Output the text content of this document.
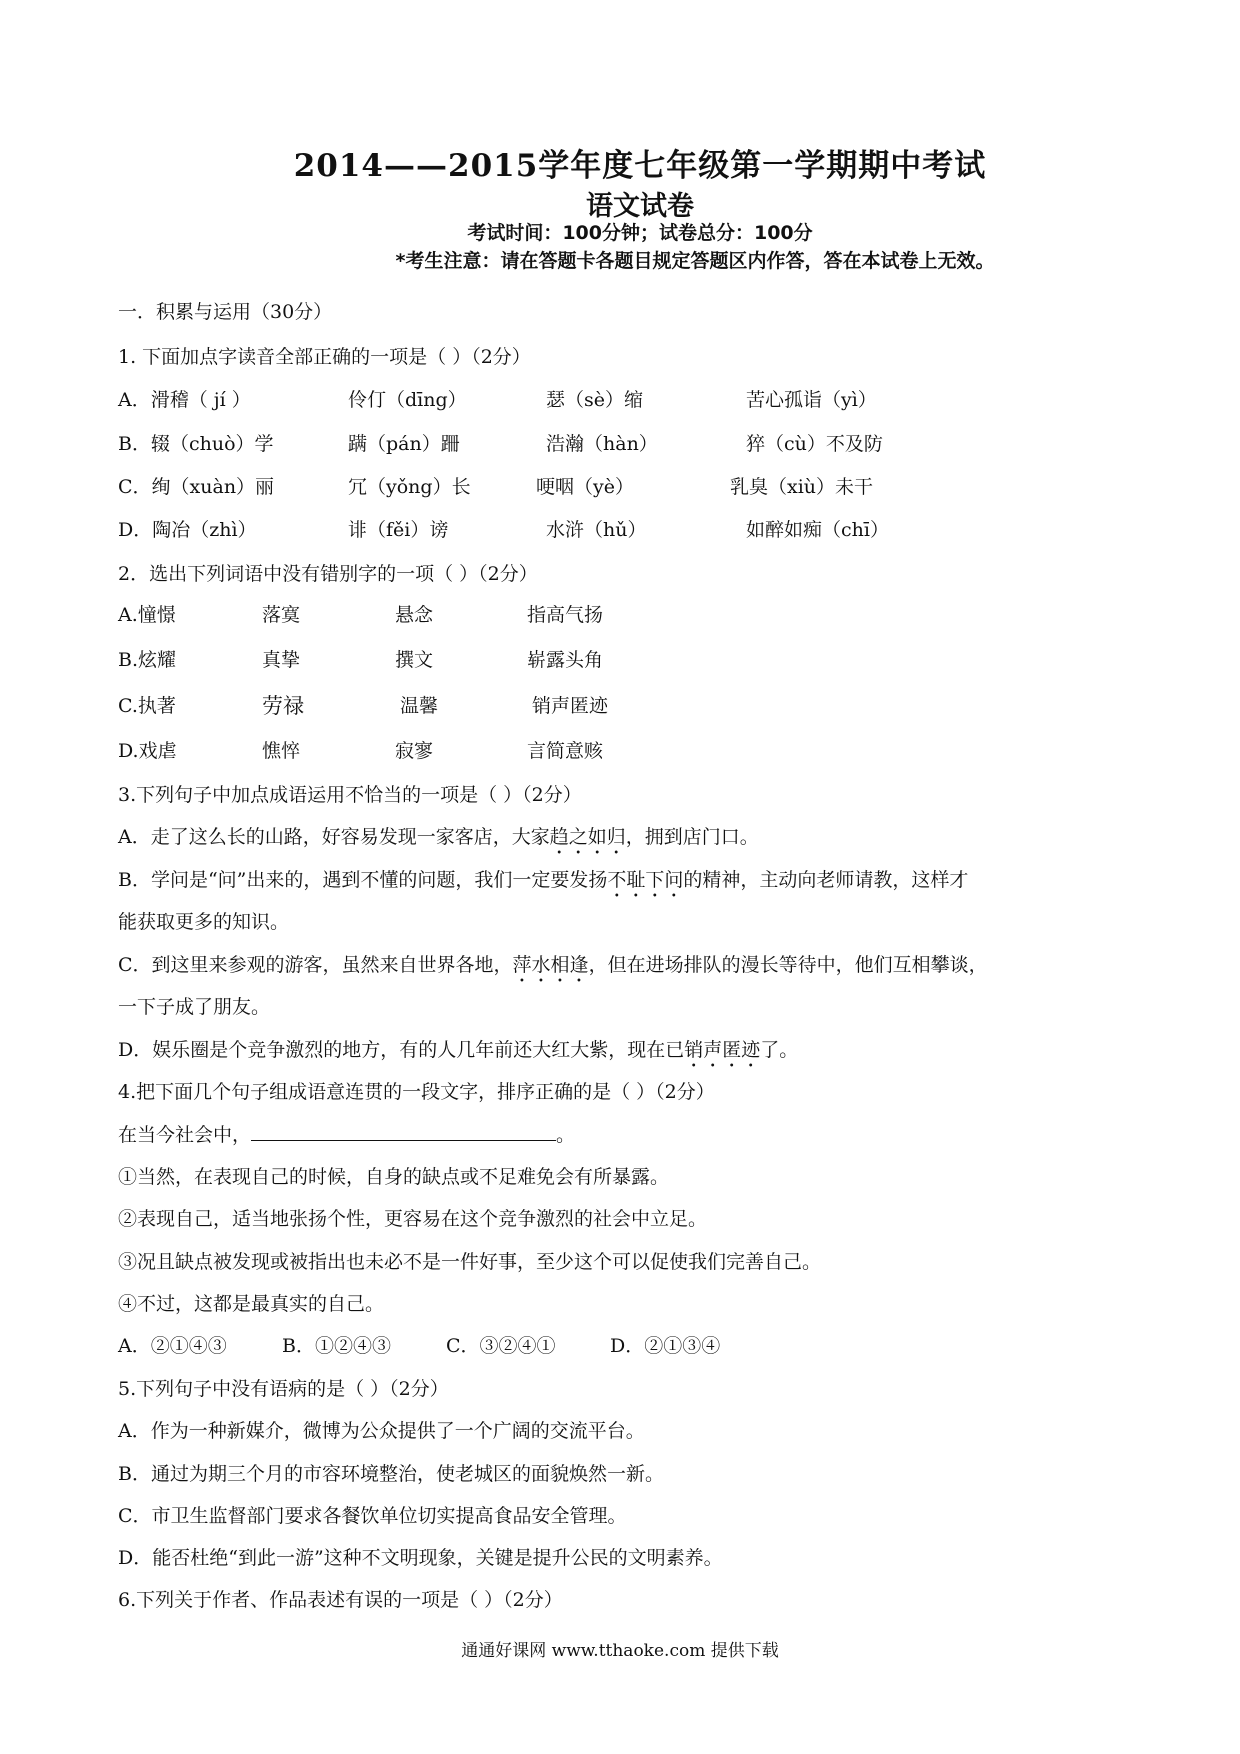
2014——2015学年度七年级第一学期期中考试
语文试卷
考试时间：100分钟；试卷总分：100分
*考生注意：请在答题卡各题目规定答题区内作答，答在本试卷上无效。
一．积累与运用（30分）
1. 下面加点字读音全部正确的一项是（ ）（2分）
A．滑稽（ jí ）	伶仃（dīng）	瑟（sè）缩	苦心孤诣（yì）
B．辍（chuò）学	蹒（pán）跚	浩瀚（hàn）	猝（cù）不及防
C．绚（xuàn）丽	冗（yǒng）长	哽咽（yè）	乳臭（xiù）未干
D．陶冶（zhì）	诽（fěi）谤	水浒（hǔ）	如醉如痴（chī）
2．选出下列词语中没有错别字的一项（ ）（2分）
A.憧憬	落寞	悬念	指高气扬
B.炫耀	真挚	撰文	崭露头角
C.执著	劳禄	温馨	销声匿迹
D.戏虐	憔悴	寂寥	言简意赅
3.下列句子中加点成语运用不恰当的一项是（ ）（2分）
A．走了这么长的山路，好容易发现一家客店，大家趋之如归，拥到店门口。
B．学问是“问”出来的，遇到不懂的问题，我们一定要发扬不耻下问的精神，主动向老师请教，这样才
能获取更多的知识。
C．到这里来参观的游客，虽然来自世界各地，萍水相逢，但在进场排队的漫长等待中，他们互相攀谈，
一下子成了朋友。
D．娱乐圈是个竞争激烈的地方，有的人几年前还大红大紫，现在已销声匿迹了。
4.把下面几个句子组成语意连贯的一段文字，排序正确的是（ ）（2分）
在当今社会中，	。
①当然，在表现自己的时候，自身的缺点或不足难免会有所暴露。
②表现自己，适当地张扬个性，更容易在这个竞争激烈的社会中立足。
③况且缺点被发现或被指出也未必不是一件好事，至少这个可以促使我们完善自己。
④不过，这都是最真实的自己。
A．②①④③	B．①②④③	C．③②④①	D．②①③④
5.下列句子中没有语病的是（ ）（2分）
A．作为一种新媒介，微博为公众提供了一个广阔的交流平台。
B．通过为期三个月的市容环境整治，使老城区的面貌焕然一新。
C．市卫生监督部门要求各餐饮单位切实提高食品安全管理。
D．能否杜绝“到此一游”这种不文明现象，关键是提升公民的文明素养。
6.下列关于作者、作品表述有误的一项是（ ）（2分）
通通好课网 www.tthaoke.com 提供下载
